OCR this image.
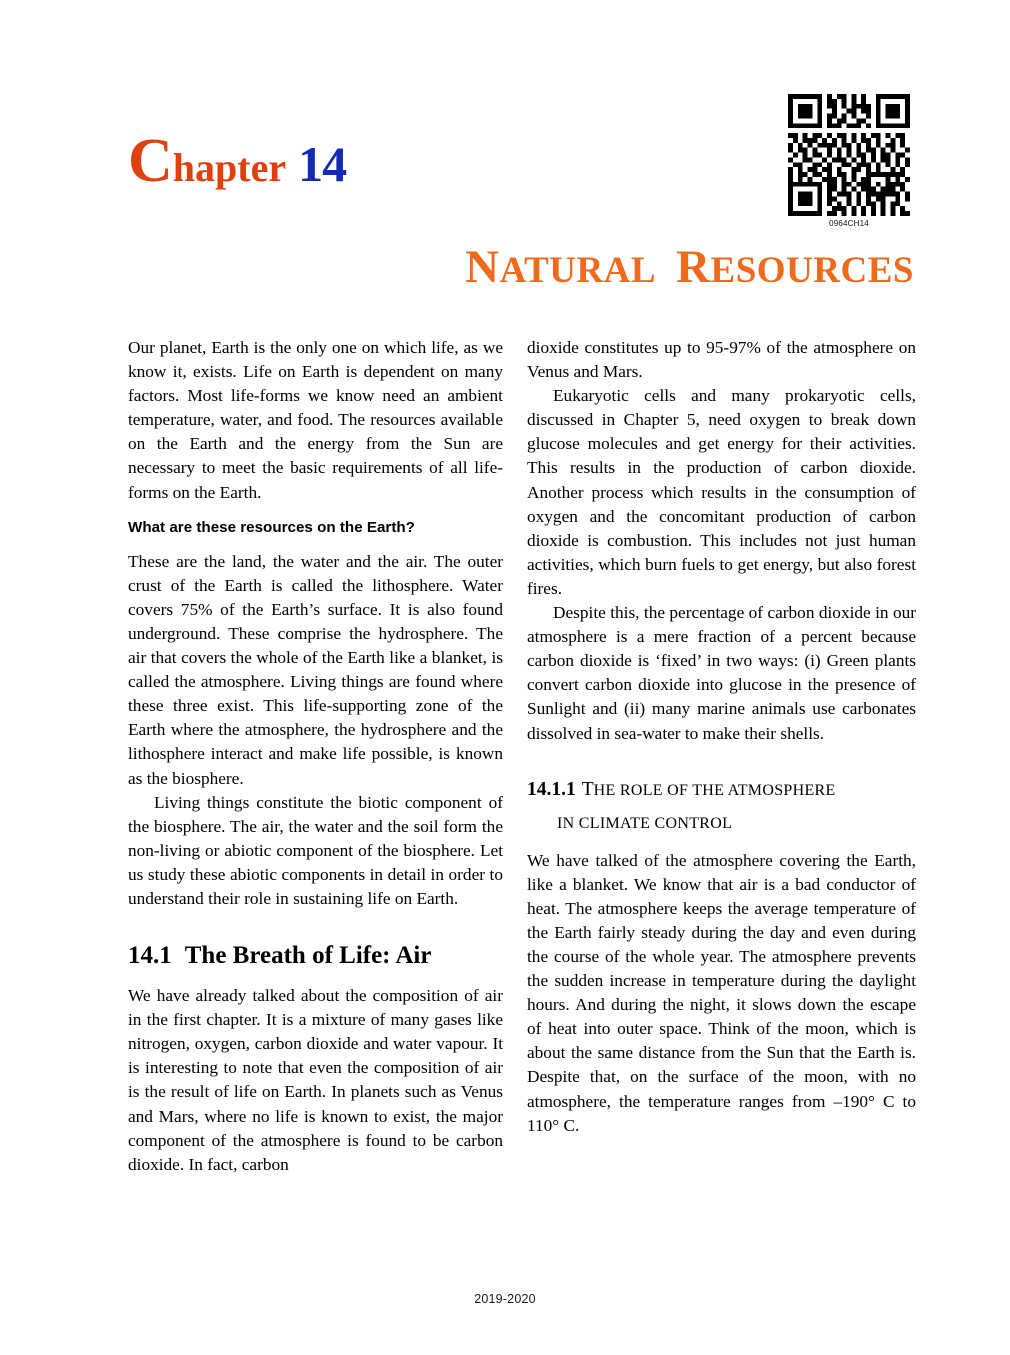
Chapter 14
NATURAL RESOURCES
0964CH14

Our planet, Earth is the only one on which life, as we know it, exists. Life on Earth is dependent on many factors. Most life-forms we know need an ambient temperature, water, and food. The resources available on the Earth and the energy from the Sun are necessary to meet the basic requirements of all life-forms on the Earth.

What are these resources on the Earth?

These are the land, the water and the air. The outer crust of the Earth is called the lithosphere. Water covers 75% of the Earth’s surface. It is also found underground. These comprise the hydrosphere. The air that covers the whole of the Earth like a blanket, is called the atmosphere. Living things are found where these three exist. This life-supporting zone of the Earth where the atmosphere, the hydrosphere and the lithosphere interact and make life possible, is known as the biosphere.

Living things constitute the biotic component of the biosphere. The air, the water and the soil form the non-living or abiotic component of the biosphere. Let us study these abiotic components in detail in order to understand their role in sustaining life on Earth.

14.1 The Breath of Life: Air

We have already talked about the composition of air in the first chapter. It is a mixture of many gases like nitrogen, oxygen, carbon dioxide and water vapour. It is interesting to note that even the composition of air is the result of life on Earth. In planets such as Venus and Mars, where no life is known to exist, the major component of the atmosphere is found to be carbon dioxide. In fact, carbon

dioxide constitutes up to 95-97% of the atmosphere on Venus and Mars.

Eukaryotic cells and many prokaryotic cells, discussed in Chapter 5, need oxygen to break down glucose molecules and get energy for their activities. This results in the production of carbon dioxide. Another process which results in the consumption of oxygen and the concomitant production of carbon dioxide is combustion. This includes not just human activities, which burn fuels to get energy, but also forest fires.

Despite this, the percentage of carbon dioxide in our atmosphere is a mere fraction of a percent because carbon dioxide is ‘fixed’ in two ways: (i) Green plants convert carbon dioxide into glucose in the presence of Sunlight and (ii) many marine animals use carbonates dissolved in sea-water to make their shells.

14.1.1 THE ROLE OF THE ATMOSPHERE
IN CLIMATE CONTROL

We have talked of the atmosphere covering the Earth, like a blanket. We know that air is a bad conductor of heat. The atmosphere keeps the average temperature of the Earth fairly steady during the day and even during the course of the whole year. The atmosphere prevents the sudden increase in temperature during the daylight hours. And during the night, it slows down the escape of heat into outer space. Think of the moon, which is about the same distance from the Sun that the Earth is. Despite that, on the surface of the moon, with no atmosphere, the temperature ranges from –190° C to 110° C.

2019-2020
